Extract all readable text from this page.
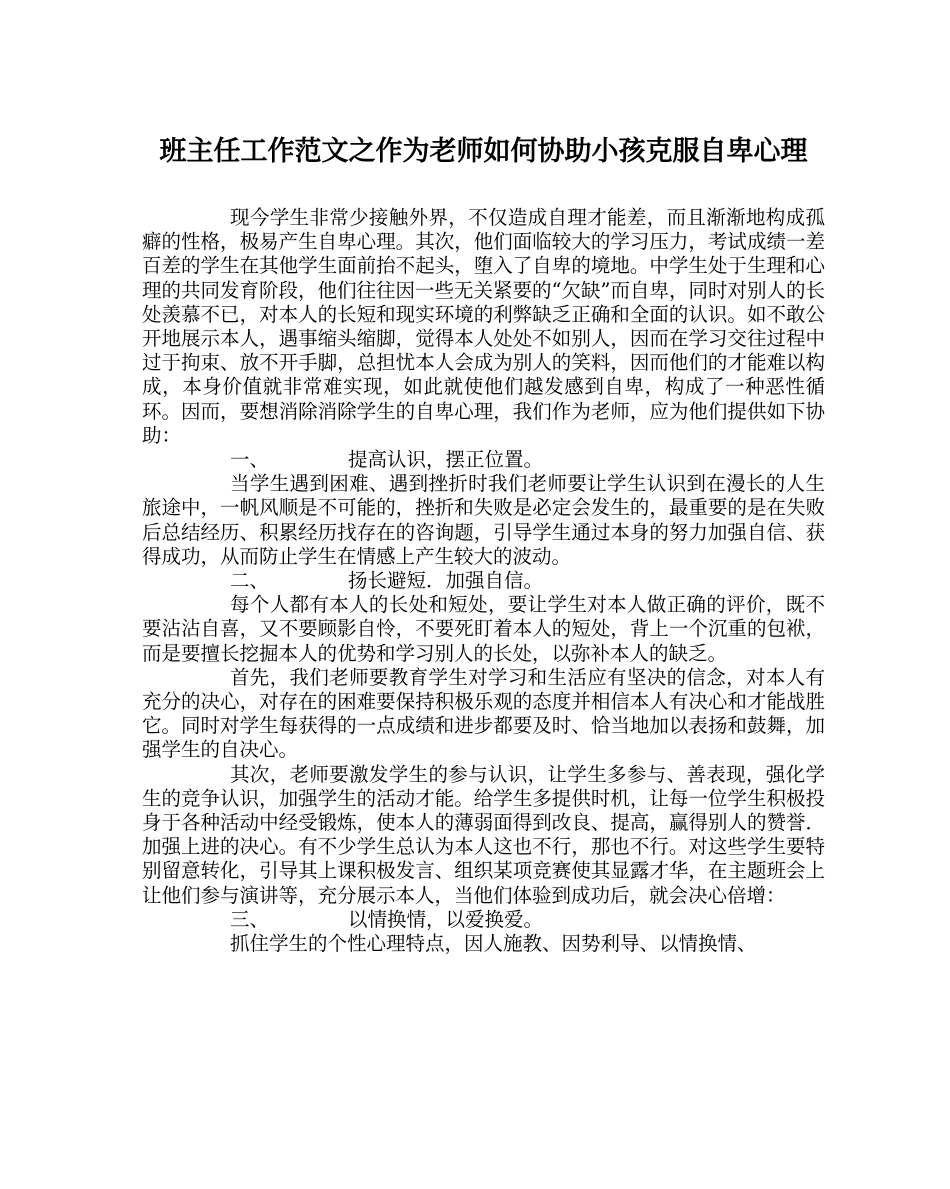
班主任工作范文之作为老师如何协助小孩克服自卑心理

现今学生非常少接触外界，不仅造成自理才能差，而且渐渐地构成孤癖的性格，极易产生自卑心理。其次，他们面临较大的学习压力，考试成绩一差百差的学生在其他学生面前抬不起头，堕入了自卑的境地。中学生处于生理和心理的共同发育阶段，他们往往因一些无关紧要的“欠缺”而自卑，同时对别人的长处羡慕不已，对本人的长短和现实环境的利弊缺乏正确和全面的认识。如不敢公开地展示本人，遇事缩头缩脚，觉得本人处处不如别人，因而在学习交往过程中过于拘束、放不开手脚，总担忧本人会成为别人的笑料，因而他们的才能难以构成，本身价值就非常难实现，如此就使他们越发感到自卑，构成了一种恶性循环。因而，要想消除消除学生的自卑心理，我们作为老师，应为他们提供如下协助：

一、	提高认识，摆正位置。

当学生遇到困难、遇到挫折时我们老师要让学生认识到在漫长的人生旅途中，一帆风顺是不可能的，挫折和失败是必定会发生的，最重要的是在失败后总结经历、积累经历找存在的咨询题，引导学生通过本身的努力加强自信、获得成功，从而防止学生在情感上产生较大的波动。

二、	扬长避短．加强自信。

每个人都有本人的长处和短处，要让学生对本人做正确的评价，既不要沾沾自喜，又不要顾影自怜，不要死盯着本人的短处，背上一个沉重的包袱，而是要擅长挖掘本人的优势和学习别人的长处，以弥补本人的缺乏。

首先，我们老师要教育学生对学习和生活应有坚决的信念，对本人有充分的决心，对存在的困难要保持积极乐观的态度并相信本人有决心和才能战胜它。同时对学生每获得的一点成绩和进步都要及时、恰当地加以表扬和鼓舞，加强学生的自决心。

其次，老师要激发学生的参与认识，让学生多参与、善表现，强化学生的竞争认识，加强学生的活动才能。给学生多提供时机，让每一位学生积极投身于各种活动中经受锻炼，使本人的薄弱面得到改良、提高，赢得别人的赞誉．加强上进的决心。有不少学生总认为本人这也不行，那也不行。对这些学生要特别留意转化，引导其上课积极发言、组织某项竞赛使其显露才华，在主题班会上让他们参与演讲等，充分展示本人，当他们体验到成功后，就会决心倍增：

三、	以情换情，以爱换爱。

抓住学生的个性心理特点，因人施教、因势利导、以情换情、
